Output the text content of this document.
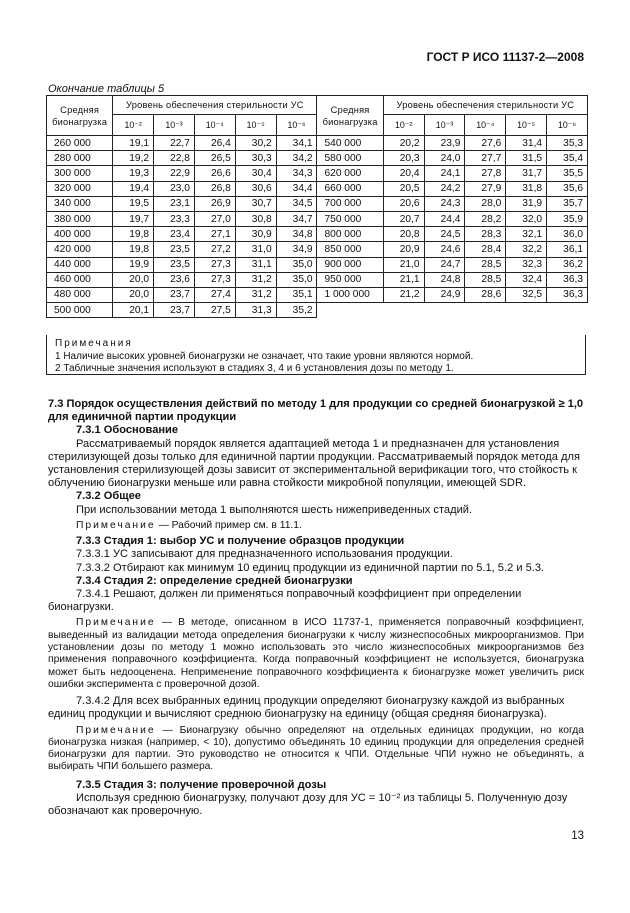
ГОСТ Р ИСО 11137-2—2008
Окончание таблицы 5
Средняя бионагрузка	Уровень обеспечения стерильности УС					Средняя бионагрузка	Уровень обеспечения стерильности УС				
	10⁻²	10⁻³	10⁻⁴	10⁻⁵	10⁻⁶		10⁻²	10⁻³	10⁻⁴	10⁻⁵	10⁻⁶
260 000	19,1	22,7	26,4	30,2	34,1	540 000	20,2	23,9	27,6	31,4	35,3
280 000	19,2	22,8	26,5	30,3	34,2	580 000	20,3	24,0	27,7	31,5	35,4
300 000	19,3	22,9	26,6	30,4	34,3	620 000	20,4	24,1	27,8	31,7	35,5
320 000	19,4	23,0	26,8	30,6	34,4	660 000	20,5	24,2	27,9	31,8	35,6
340 000	19,5	23,1	26,9	30,7	34,5	700 000	20,6	24,3	28,0	31,9	35,7
380 000	19,7	23,3	27,0	30,8	34,7	750 000	20,7	24,4	28,2	32,0	35,9
400 000	19,8	23,4	27,1	30,9	34,8	800 000	20,8	24,5	28,3	32,1	36,0
420 000	19,8	23,5	27,2	31,0	34,9	850 000	20,9	24,6	28,4	32,2	36,1
440 000	19,9	23,5	27,3	31,1	35,0	900 000	21,0	24,7	28,5	32,3	36,2
460 000	20,0	23,6	27,3	31,2	35,0	950 000	21,1	24,8	28,5	32,4	36,3
480 000	20,0	23,7	27,4	31,2	35,1	1 000 000	21,2	24,9	28,6	32,5	36,3
500 000	20,1	23,7	27,5	31,3	35,2						
Примечания
1 Наличие высоких уровней бионагрузки не означает, что такие уровни являются нормой.
2 Табличные значения используют в стадиях 3, 4 и 6 установления дозы по методу 1.

7.3 Порядок осуществления действий по методу 1 для продукции со средней бионагрузкой ≥ 1,0 для единичной партии продукции

7.3.1 Обоснование

Рассматриваемый порядок является адаптацией метода 1 и предназначен для установления стерилизующей дозы только для единичной партии продукции. Рассматриваемый порядок метода для установления стерилизующей дозы зависит от экспериментальной верификации того, что стойкость к облучению бионагрузки меньше или равна стойкости микробной популяции, имеющей SDR.

7.3.2 Общее

При использовании метода 1 выполняются шесть нижеприведенных стадий.

Примечание — Рабочий пример см. в 11.1.

7.3.3 Стадия 1: выбор УС и получение образцов продукции

7.3.3.1 УС записывают для предназначенного использования продукции.

7.3.3.2 Отбирают как минимум 10 единиц продукции из единичной партии по 5.1, 5.2 и 5.3.

7.3.4 Стадия 2: определение средней бионагрузки

7.3.4.1 Решают, должен ли применяться поправочный коэффициент при определении бионагрузки.

Примечание — В методе, описанном в ИСО 11737-1, применяется поправочный коэффициент, выведенный из валидации метода определения бионагрузки к числу жизнеспособных микроорганизмов. При установлении дозы по методу 1 можно использовать это число жизнеспособных микроорганизмов без применения поправочного коэффициента. Когда поправочный коэффициент не используется, бионагрузка может быть недооценена. Неприменение поправочного коэффициента к бионагрузке может увеличить риск ошибки эксперимента с проверочной дозой.

7.3.4.2 Для всех выбранных единиц продукции определяют бионагрузку каждой из выбранных единиц продукции и вычисляют среднюю бионагрузку на единицу (общая средняя бионагрузка).

Примечание — Бионагрузку обычно определяют на отдельных единицах продукции, но когда бионагрузка низкая (например, < 10), допустимо объединять 10 единиц продукции для определения средней бионагрузки для партии. Это руководство не относится к ЧПИ. Отдельные ЧПИ нужно не объединять, а выбирать ЧПИ большего размера.

7.3.5 Стадия 3: получение проверочной дозы

Используя среднюю бионагрузку, получают дозу для УС = 10⁻² из таблицы 5. Полученную дозу обозначают как проверочную.

13
